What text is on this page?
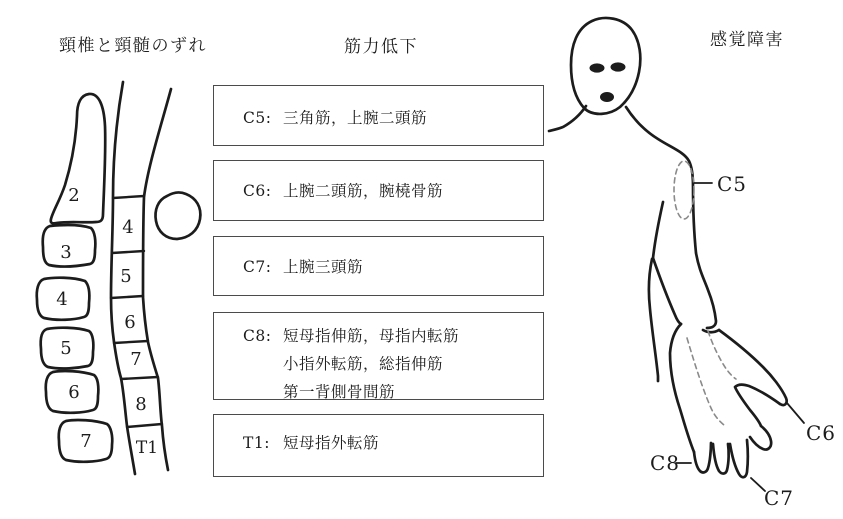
頸椎と頸髄のずれ	筋力低下	感覚障害
C5: 三角筋，上腕二頭筋
C6: 上腕二頭筋，腕橈骨筋
C7: 上腕三頭筋
C8: 短母指伸筋，母指内転筋
小指外転筋，総指伸筋
第一背側骨間筋
T1: 短母指外転筋
2
3
4
5
6
7
4
5
6
7
8
T1
C5
C6
C7
C8
